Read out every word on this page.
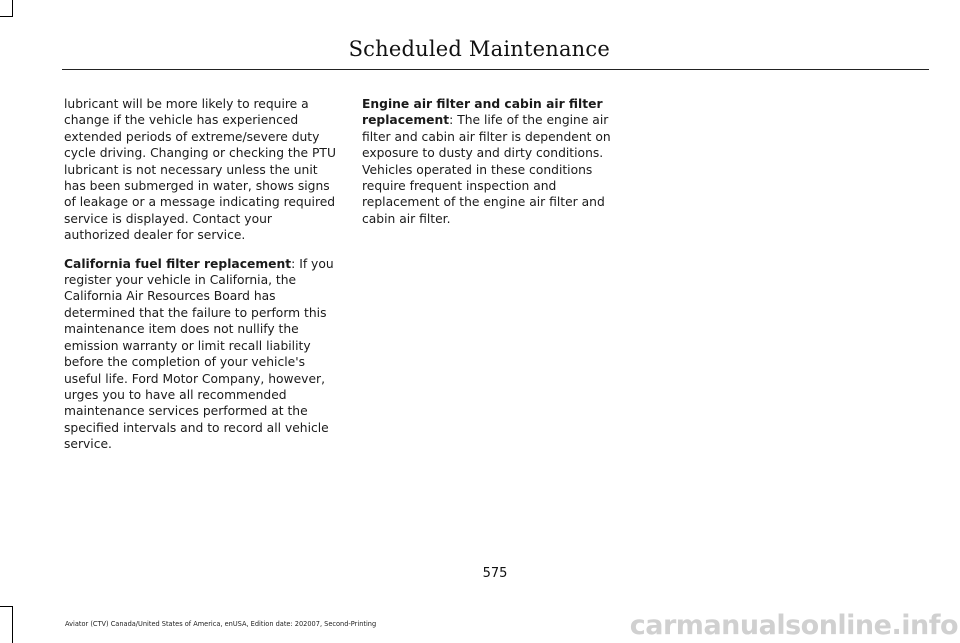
Scheduled Maintenance

lubricant will be more likely to require a change if the vehicle has experienced extended periods of extreme/severe duty cycle driving. Changing or checking the PTU lubricant is not necessary unless the unit has been submerged in water, shows signs of leakage or a message indicating required service is displayed. Contact your authorized dealer for service.

California fuel filter replacement: If you register your vehicle in California, the California Air Resources Board has determined that the failure to perform this maintenance item does not nullify the emission warranty or limit recall liability before the completion of your vehicle's useful life. Ford Motor Company, however, urges you to have all recommended maintenance services performed at the specified intervals and to record all vehicle service.

Engine air filter and cabin air filter replacement: The life of the engine air filter and cabin air filter is dependent on exposure to dusty and dirty conditions. Vehicles operated in these conditions require frequent inspection and replacement of the engine air filter and cabin air filter.

575
Aviator (CTV) Canada/United States of America, enUSA, Edition date: 202007, Second-Printing	carmanualsonline.info
